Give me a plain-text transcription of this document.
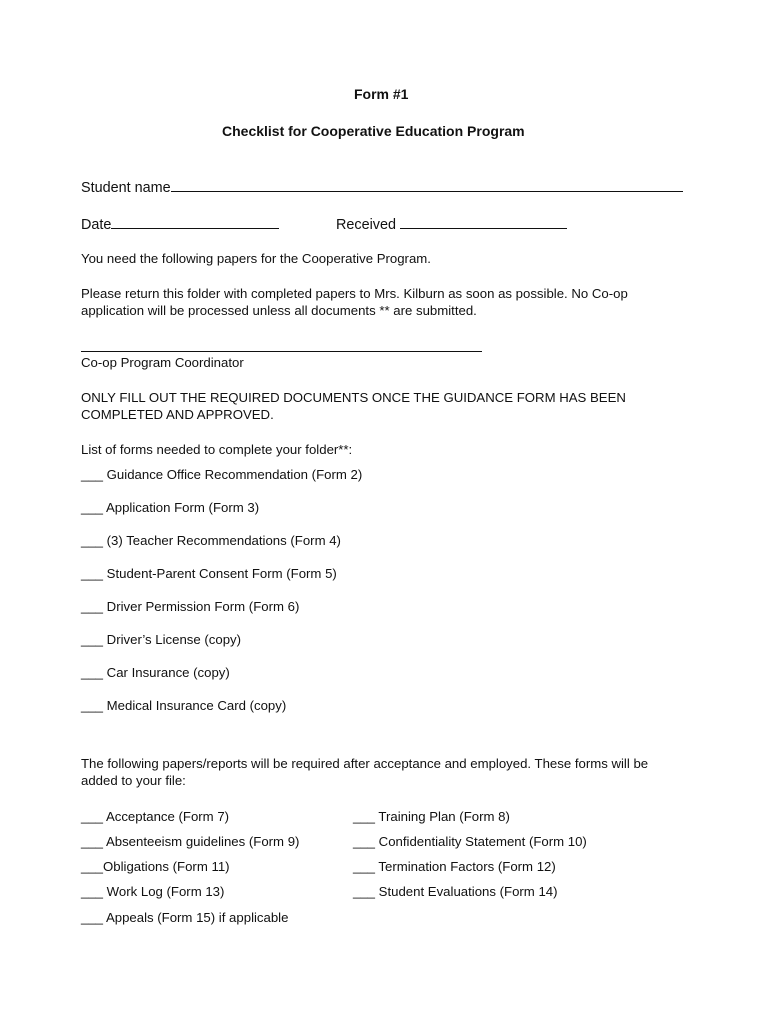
Form #1
Checklist for Cooperative Education Program
Student name
Date	Received
You need the following papers for the Cooperative Program.
Please return this folder with completed papers to Mrs. Kilburn as soon as possible. No Co-op
application will be processed unless all documents ** are submitted.
Co-op Program Coordinator
ONLY FILL OUT THE REQUIRED DOCUMENTS ONCE THE GUIDANCE FORM HAS BEEN
COMPLETED AND APPROVED.
List of forms needed to complete your folder**:
___ Guidance Office Recommendation (Form 2)
___ Application Form (Form 3)
___ (3) Teacher Recommendations (Form 4)
___ Student-Parent Consent Form (Form 5)
___ Driver Permission Form (Form 6)
___ Driver’s License (copy)
___ Car Insurance (copy)
___ Medical Insurance Card (copy)
The following papers/reports will be required after acceptance and employed. These forms will be
added to your file:
___ Acceptance (Form 7)
___ Absenteeism guidelines (Form 9)
___Obligations (Form 11)
___ Work Log (Form 13)
___ Appeals (Form 15) if applicable
___ Training Plan (Form 8)
___ Confidentiality Statement (Form 10)
___ Termination Factors (Form 12)
___ Student Evaluations (Form 14)
